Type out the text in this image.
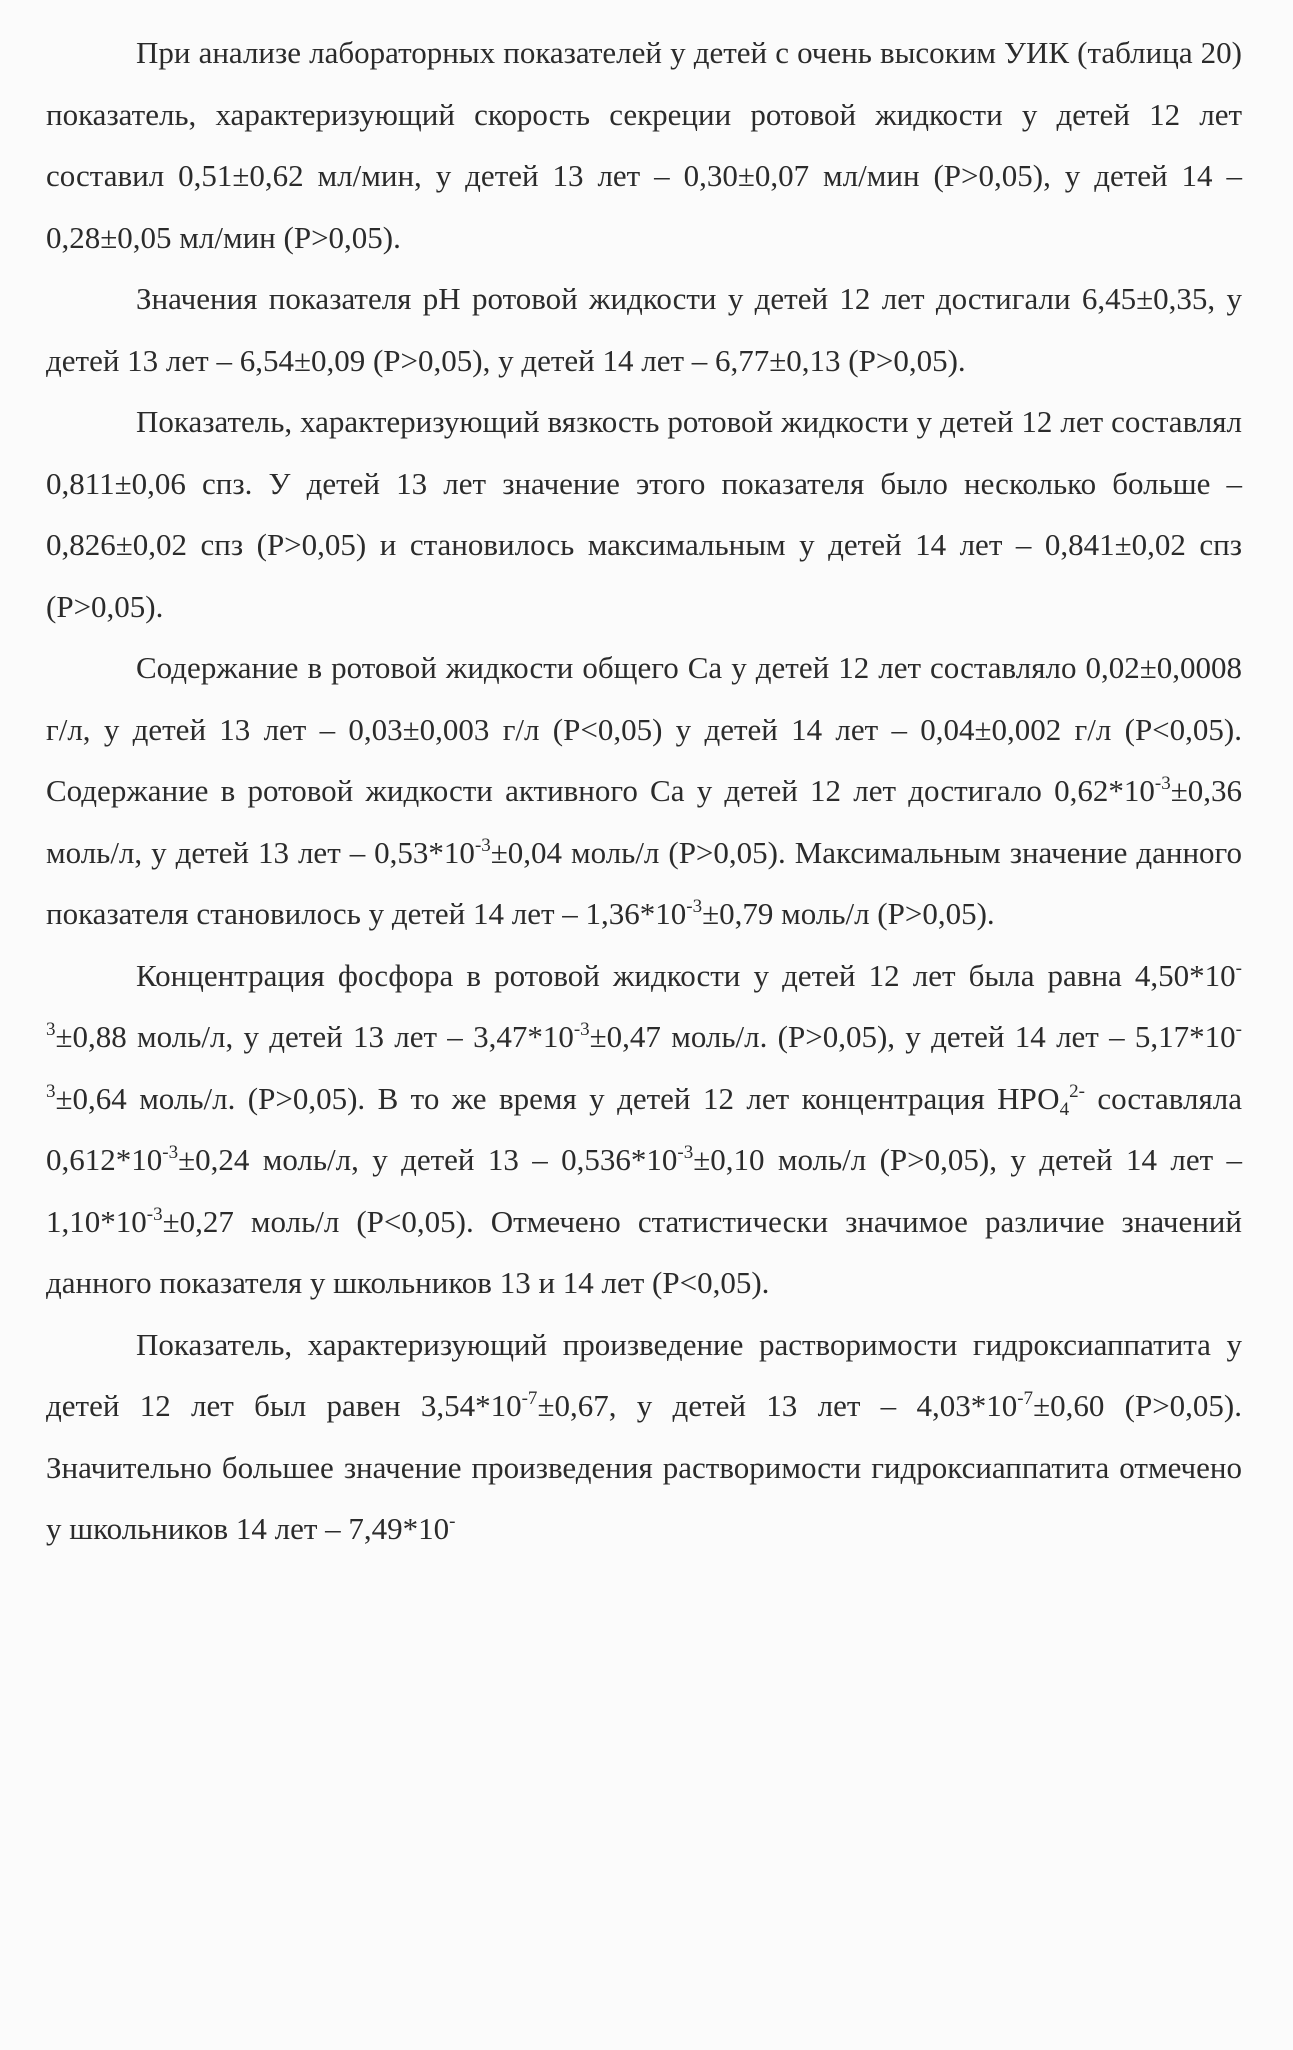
При анализе лабораторных показателей у детей с очень высоким УИК (таблица 20) показатель, характеризующий скорость секреции ротовой жидкости у детей 12 лет составил 0,51±0,62 мл/мин, у детей 13 лет – 0,30±0,07 мл/мин (Р>0,05), у детей 14 – 0,28±0,05 мл/мин (Р>0,05).

Значения показателя pH ротовой жидкости у детей 12 лет достигали 6,45±0,35, у детей 13 лет – 6,54±0,09 (Р>0,05), у детей 14 лет – 6,77±0,13 (Р>0,05).

Показатель, характеризующий вязкость ротовой жидкости у детей 12 лет составлял 0,811±0,06 спз. У детей 13 лет значение этого показателя было несколько больше – 0,826±0,02 спз (Р>0,05) и становилось максимальным у детей 14 лет – 0,841±0,02 спз (Р>0,05).

Содержание в ротовой жидкости общего Са у детей 12 лет составляло 0,02±0,0008 г/л, у детей 13 лет – 0,03±0,003 г/л (Р<0,05) у детей 14 лет – 0,04±0,002 г/л (Р<0,05). Содержание в ротовой жидкости активного Са у детей 12 лет достигало $0,62*10^{-3}\pm 0,36$ моль/л, у детей 13 лет – $0,53*10^{-3}\pm 0,04$ моль/л (Р>0,05). Максимальным значение данного показателя становилось у детей 14 лет – $1,36*10^{-3}\pm 0,79$ моль/л (Р>0,05).

Концентрация фосфора в ротовой жидкости у детей 12 лет была равна $4,50*10^{-3}\pm 0,88$ моль/л, у детей 13 лет – $3,47*10^{-3}\pm 0,47$ моль/л. (Р>0,05), у детей 14 лет – $5,17*10^{-3}\pm 0,64$ моль/л. (Р>0,05). В то же время у детей 12 лет концентрация $НРО_4^{2-}$ составляла $0,612*10^{-3}\pm 0,24$ моль/л, у детей $13 - 0,536*10^{-3}\pm 0,10$ моль/л (Р>0,05), у детей 14 лет – $1,10*10^{-3}\pm 0,27$ моль/л (Р<0,05). Отмечено статистически значимое различие значений данного показателя у школьников 13 и 14 лет (Р<0,05).

Показатель, характеризующий произведение растворимости гидроксиаппатита у детей 12 лет был равен $3,54*10^{-7}\pm 0,67$, у детей 13 лет – $4,03*10^{-7}\pm 0,60$ (Р>0,05). Значительно большее значение произведения растворимости гидроксиаппатита отмечено у школьников 14 лет – 7,49*10-
